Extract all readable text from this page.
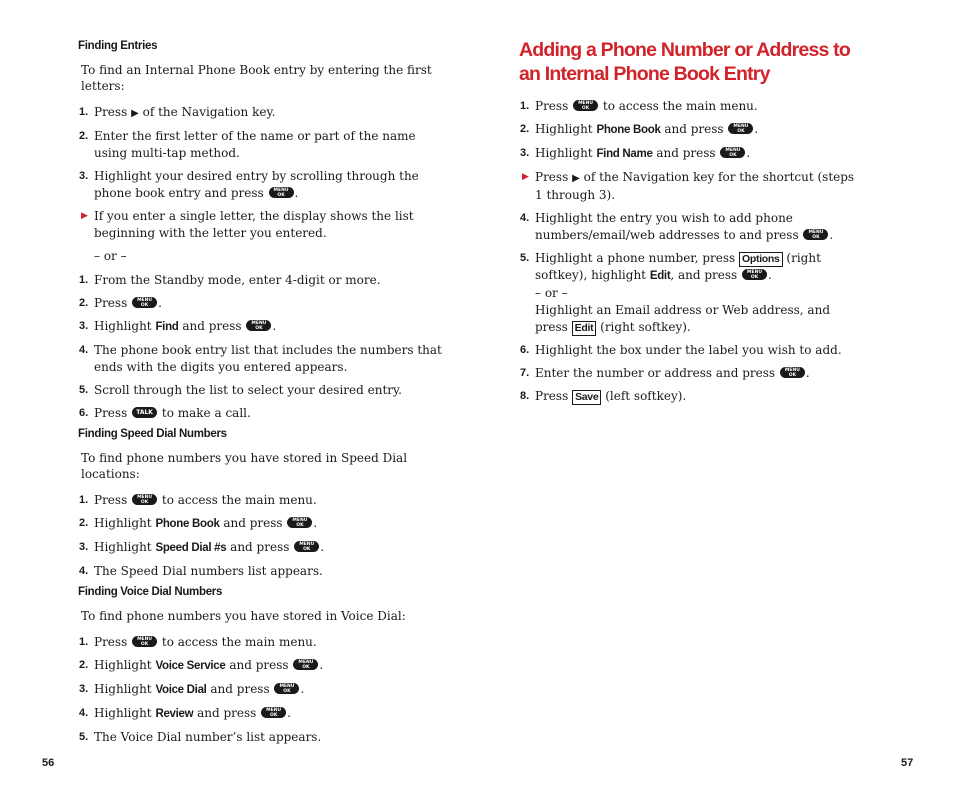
Finding Entries
To find an Internal Phone Book entry by entering the first letters:
1. Press ▶ of the Navigation key.
2. Enter the first letter of the name or part of the name using multi-tap method.
3. Highlight your desired entry by scrolling through the phone book entry and press	MENU
OK .
▶ If you enter a single letter, the display shows the list beginning with the letter you entered.
– or –
1. From the Standby mode, enter 4-digit or more.
2. Press	MENU
OK .
3. Highlight Find and press	MENU
OK .
4. The phone book entry list that includes the numbers that ends with the digits you entered appears.
5. Scroll through the list to select your desired entry.
6. Press TALK to make a call.
Finding Speed Dial Numbers
To find phone numbers you have stored in Speed Dial locations:
1. Press	MENU
OK	to access the main menu.
2. Highlight Phone Book and press	MENU
OK .
3. Highlight Speed Dial #s and press	MENU
OK .
4. The Speed Dial numbers list appears.
Finding Voice Dial Numbers
To find phone numbers you have stored in Voice Dial:
1. Press	MENU
OK	to access the main menu.
2. Highlight Voice Service and press	MENU
OK .
3. Highlight Voice Dial and press	MENU
OK .
4. Highlight Review and press	MENU
OK .
5. The Voice Dial number’s list appears.
56
Adding a Phone Number or Address to
an Internal Phone Book Entry
1. Press	MENU
OK	to access the main menu.
2. Highlight Phone Book and press	MENU
OK .
3. Highlight Find Name and press	MENU
OK .
▶ Press ▶ of the Navigation key for the shortcut (steps 1 through 3).
4. Highlight the entry you wish to add phone numbers/email/web addresses to and press	MENU
OK .
5. Highlight a phone number, press Options (right softkey), highlight Edit, and press	MENU
OK .
– or –
Highlight an Email address or Web address, and press Edit (right softkey).
6. Highlight the box under the label you wish to add.
7. Enter the number or address and press	MENU
OK .
8. Press Save (left softkey).
57
